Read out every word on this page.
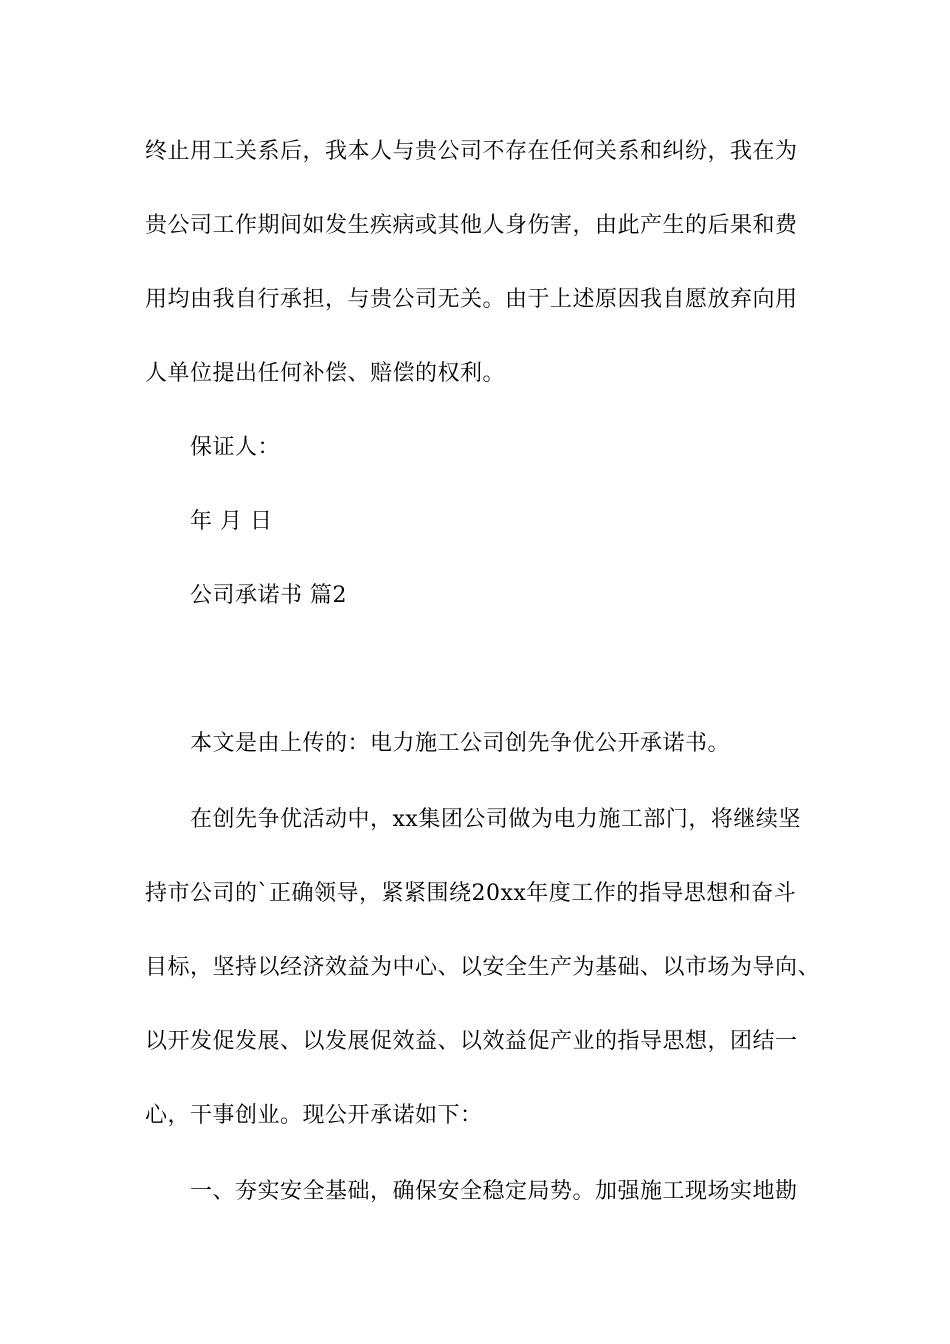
终止用工关系后，我本人与贵公司不存在任何关系和纠纷，我在为
贵公司工作期间如发生疾病或其他人身伤害，由此产生的后果和费
用均由我自行承担，与贵公司无关。由于上述原因我自愿放弃向用
人单位提出任何补偿、赔偿的权利。
保证人：
年 月 日
公司承诺书 篇2
本文是由上传的：电力施工公司创先争优公开承诺书。
在创先争优活动中，xx集团公司做为电力施工部门，将继续坚
持市公司的`正确领导，紧紧围绕20xx年度工作的指导思想和奋斗
目标，坚持以经济效益为中心、以安全生产为基础、以市场为导向、
以开发促发展、以发展促效益、以效益促产业的指导思想，团结一
心，干事创业。现公开承诺如下：
一、夯实安全基础，确保安全稳定局势。加强施工现场实地勘
